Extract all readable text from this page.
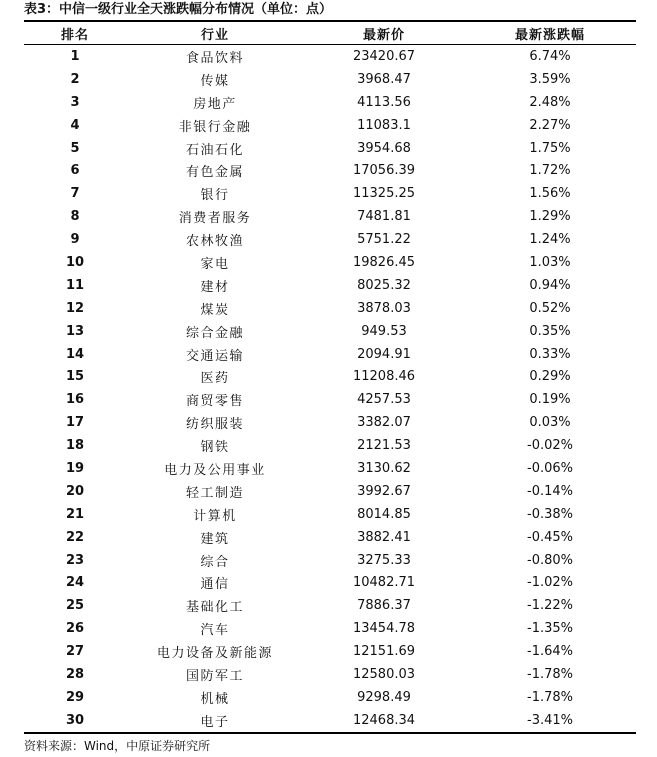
表3：中信一级行业全天涨跌幅分布情况（单位：点）
排名	行业	最新价	最新涨跌幅
1	食品饮料	23420.67	6.74%
2	传媒	3968.47	3.59%
3	房地产	4113.56	2.48%
4	非银行金融	11083.1	2.27%
5	石油石化	3954.68	1.75%
6	有色金属	17056.39	1.72%
7	银行	11325.25	1.56%
8	消费者服务	7481.81	1.29%
9	农林牧渔	5751.22	1.24%
10	家电	19826.45	1.03%
11	建材	8025.32	0.94%
12	煤炭	3878.03	0.52%
13	综合金融	949.53	0.35%
14	交通运输	2094.91	0.33%
15	医药	11208.46	0.29%
16	商贸零售	4257.53	0.19%
17	纺织服装	3382.07	0.03%
18	钢铁	2121.53	-0.02%
19	电力及公用事业	3130.62	-0.06%
20	轻工制造	3992.67	-0.14%
21	计算机	8014.85	-0.38%
22	建筑	3882.41	-0.45%
23	综合	3275.33	-0.80%
24	通信	10482.71	-1.02%
25	基础化工	7886.37	-1.22%
26	汽车	13454.78	-1.35%
27	电力设备及新能源	12151.69	-1.64%
28	国防军工	12580.03	-1.78%
29	机械	9298.49	-1.78%
30	电子	12468.34	-3.41%
资料来源：Wind，中原证券研究所
